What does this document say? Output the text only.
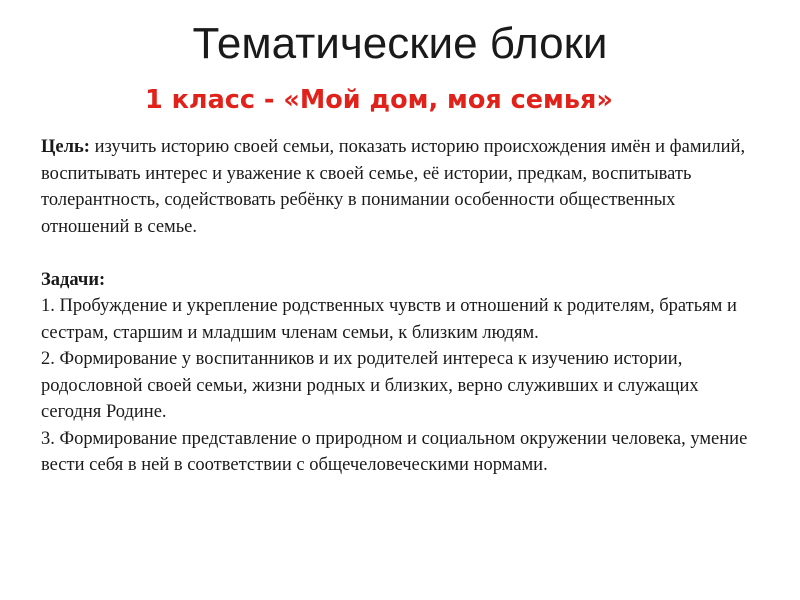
Тематические блоки
1 класс - «Мой дом, моя семья»

Цель: изучить историю своей семьи, показать историю происхождения имён и фамилий, воспитывать интерес и уважение к своей семье, её истории, предкам, воспитывать толерантность, содействовать ребёнку в понимании особенности общественных отношений в семье.

Задачи:

1. Пробуждение и укрепление родственных чувств и отношений к родителям, братьям и сестрам, старшим и младшим членам семьи, к близким людям.

2. Формирование у воспитанников и их родителей интереса к изучению истории, родословной своей семьи, жизни родных и близких, верно служивших и служащих сегодня Родине.

3. Формирование представление о природном и социальном окружении человека, умение вести себя в ней в соответствии с общечеловеческими нормами.
